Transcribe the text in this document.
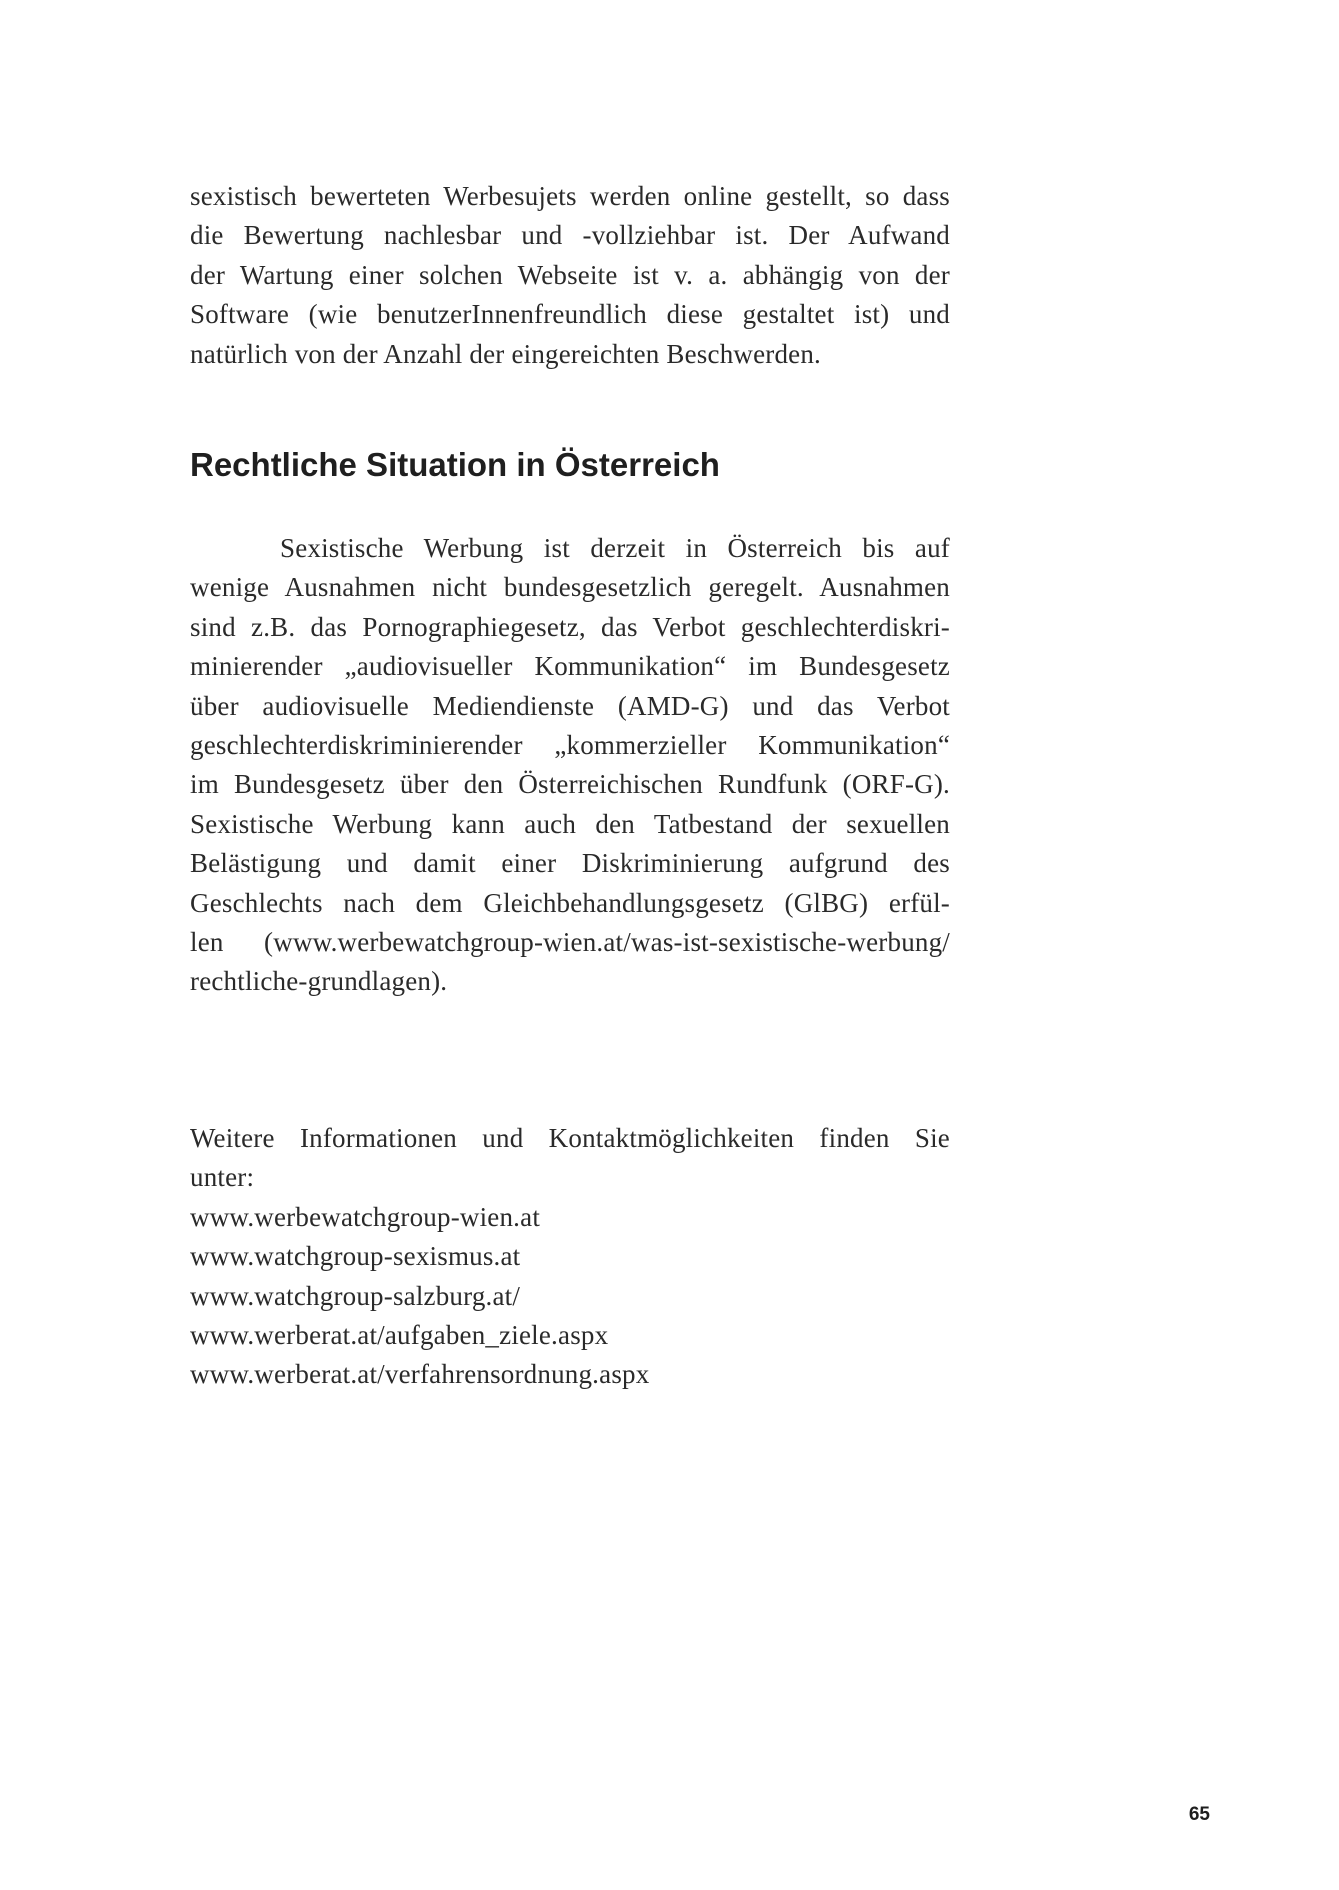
sexistisch bewerteten Werbesujets werden online gestellt, so dass
die Bewertung nachlesbar und -vollziehbar ist. Der Aufwand
der Wartung einer solchen Webseite ist v. a. abhängig von der
Software (wie benutzerInnenfreundlich diese gestaltet ist) und
natürlich von der Anzahl der eingereichten Beschwerden.
Rechtliche Situation in Österreich
Sexistische Werbung ist derzeit in Österreich bis auf
wenige Ausnahmen nicht bundesgesetzlich geregelt. Ausnahmen
sind z.B. das Pornographiegesetz, das Verbot geschlechterdiskri-
minierender „audiovisueller Kommunikation“ im Bundesgesetz
über audiovisuelle Mediendienste (AMD-G) und das Verbot
geschlechterdiskriminierender „kommerzieller Kommunikation“
im Bundesgesetz über den Österreichischen Rundfunk (ORF-G).
Sexistische Werbung kann auch den Tatbestand der sexuellen
Belästigung und damit einer Diskriminierung aufgrund des
Geschlechts nach dem Gleichbehandlungsgesetz (GlBG) erfül-
len (www.werbewatchgroup-wien.at/was-ist-sexistische-werbung/
rechtliche-grundlagen).
Weitere Informationen und Kontaktmöglichkeiten finden Sie
unter:
www.werbewatchgroup-wien.at
www.watchgroup-sexismus.at
www.watchgroup-salzburg.at/
www.werberat.at/aufgaben_ziele.aspx
www.werberat.at/verfahrensordnung.aspx
65
